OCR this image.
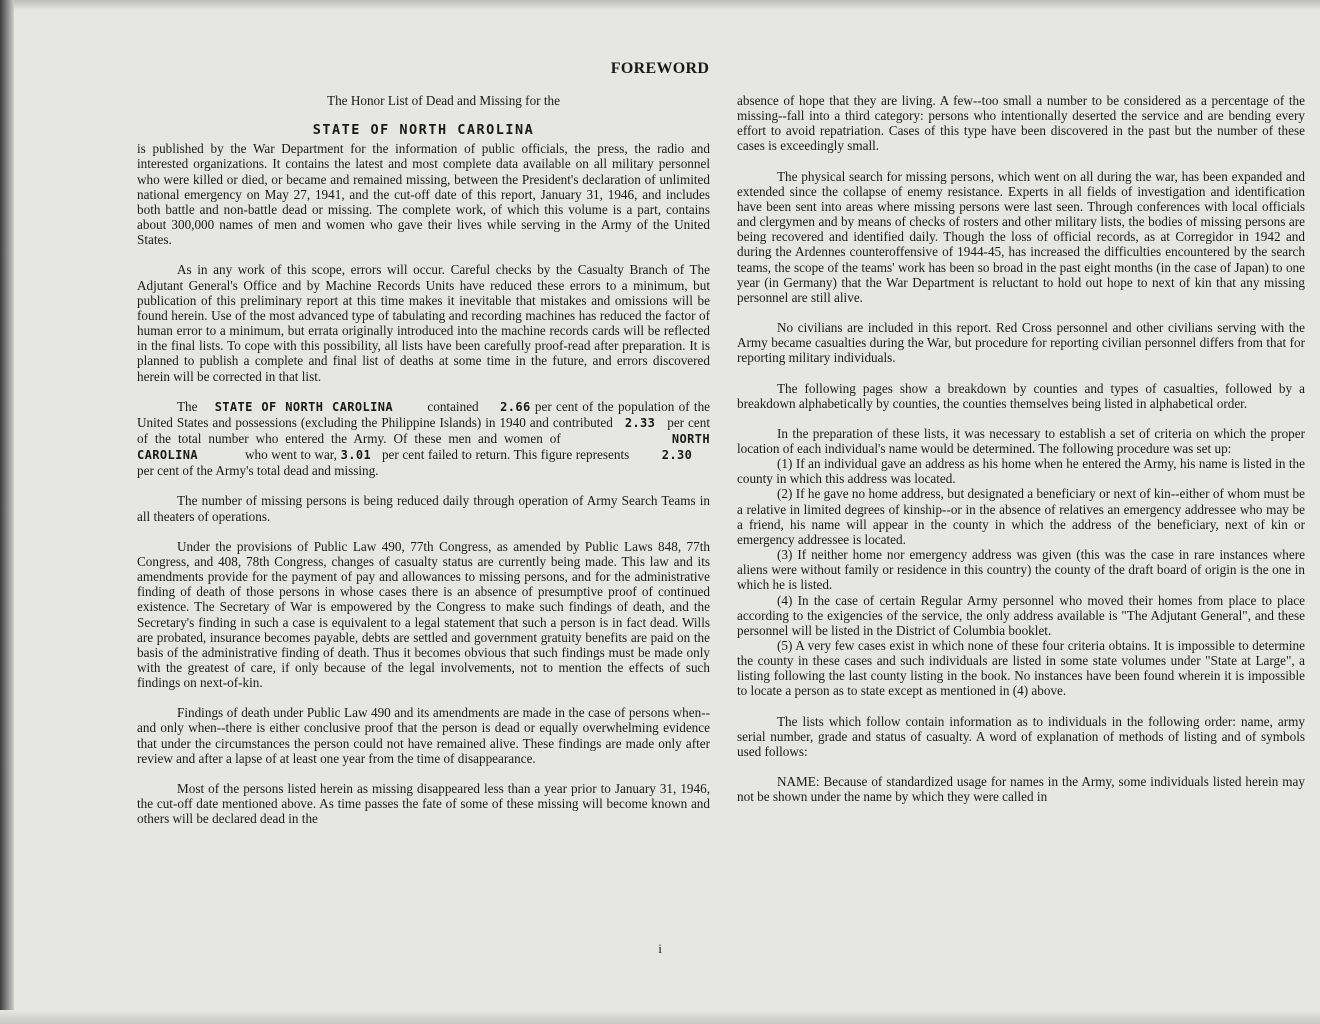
FOREWORD

The Honor List of Dead and Missing for the

STATE OF NORTH CAROLINA

is published by the War Department for the information of public officials, the press, the radio and interested organizations. It contains the latest and most complete data available on all military personnel who were killed or died, or became and remained missing, between the President's declaration of unlimited national emergency on May 27, 1941, and the cut-off date of this report, January 31, 1946, and includes both battle and non-battle dead or missing. The complete work, of which this volume is a part, contains about 300,000 names of men and women who gave their lives while serving in the Army of the United States.

As in any work of this scope, errors will occur. Careful checks by the Casualty Branch of The Adjutant General's Office and by Machine Records Units have reduced these errors to a minimum, but publication of this preliminary report at this time makes it inevitable that mistakes and omissions will be found herein. Use of the most advanced type of tabulating and recording machines has reduced the factor of human error to a minimum, but errata originally introduced into the machine records cards will be reflected in the final lists. To cope with this possibility, all lists have been carefully proof-read after preparation. It is planned to publish a complete and final list of deaths at some time in the future, and errors discovered herein will be corrected in that list.

The STATE OF NORTH CAROLINA	contained 2.66 per cent of the population of the United States and possessions (excluding the Philippine Islands) in 1940 and contributed 2.33 per cent of the total number who entered the Army. Of these men and women of	NORTH CAROLINA	who went to war, 3.01 per cent failed to return. This figure represents	2.30      per cent of the Army's total dead and missing.

The number of missing persons is being reduced daily through operation of Army Search Teams in all theaters of operations.

Under the provisions of Public Law 490, 77th Congress, as amended by Public Laws 848, 77th Congress, and 408, 78th Congress, changes of casualty status are currently being made. This law and its amendments provide for the payment of pay and allowances to missing persons, and for the administrative finding of death of those persons in whose cases there is an absence of presumptive proof of continued existence. The Secretary of War is empowered by the Congress to make such findings of death, and the Secretary's finding in such a case is equivalent to a legal statement that such a person is in fact dead. Wills are probated, insurance becomes payable, debts are settled and government gratuity benefits are paid on the basis of the administrative finding of death. Thus it becomes obvious that such findings must be made only with the greatest of care, if only because of the legal involvements, not to mention the effects of such findings on next-of-kin.

Findings of death under Public Law 490 and its amendments are made in the case of persons when--and only when--there is either conclusive proof that the person is dead or equally overwhelming evidence that under the circumstances the person could not have remained alive. These findings are made only after review and after a lapse of at least one year from the time of disappearance.

Most of the persons listed herein as missing disappeared less than a year prior to January 31, 1946, the cut-off date mentioned above. As time passes the fate of some of these missing will become known and others will be declared dead in the

absence of hope that they are living. A few--too small a number to be considered as a percentage of the missing--fall into a third category: persons who intentionally deserted the service and are bending every effort to avoid repatriation. Cases of this type have been discovered in the past but the number of these cases is exceedingly small.

The physical search for missing persons, which went on all during the war, has been expanded and extended since the collapse of enemy resistance. Experts in all fields of investigation and identification have been sent into areas where missing persons were last seen. Through conferences with local officials and clergymen and by means of checks of rosters and other military lists, the bodies of missing persons are being recovered and identified daily. Though the loss of official records, as at Corregidor in 1942 and during the Ardennes counteroffensive of 1944-45, has increased the difficulties encountered by the search teams, the scope of the teams' work has been so broad in the past eight months (in the case of Japan) to one year (in Germany) that the War Department is reluctant to hold out hope to next of kin that any missing personnel are still alive.

No civilians are included in this report. Red Cross personnel and other civilians serving with the Army became casualties during the War, but procedure for reporting civilian personnel differs from that for reporting military individuals.

The following pages show a breakdown by counties and types of casualties, followed by a breakdown alphabetically by counties, the counties themselves being listed in alphabetical order.

In the preparation of these lists, it was necessary to establish a set of criteria on which the proper location of each individual's name would be determined. The following procedure was set up:

(1) If an individual gave an address as his home when he entered the Army, his name is listed in the county in which this address was located.

(2) If he gave no home address, but designated a beneficiary or next of kin--either of whom must be a relative in limited degrees of kinship--or in the absence of relatives an emergency addressee who may be a friend, his name will appear in the county in which the address of the beneficiary, next of kin or emergency addressee is located.

(3) If neither home nor emergency address was given (this was the case in rare instances where aliens were without family or residence in this country) the county of the draft board of origin is the one in which he is listed.

(4) In the case of certain Regular Army personnel who moved their homes from place to place according to the exigencies of the service, the only address available is "The Adjutant General", and these personnel will be listed in the District of Columbia booklet.

(5) A very few cases exist in which none of these four criteria obtains. It is impossible to determine the county in these cases and such individuals are listed in some state volumes under "State at Large", a listing following the last county listing in the book. No instances have been found wherein it is impossible to locate a person as to state except as mentioned in (4) above.

The lists which follow contain information as to individuals in the following order: name, army serial number, grade and status of casualty. A word of explanation of methods of listing and of symbols used follows:

NAME: Because of standardized usage for names in the Army, some individuals listed herein may not be shown under the name by which they were called in

i
